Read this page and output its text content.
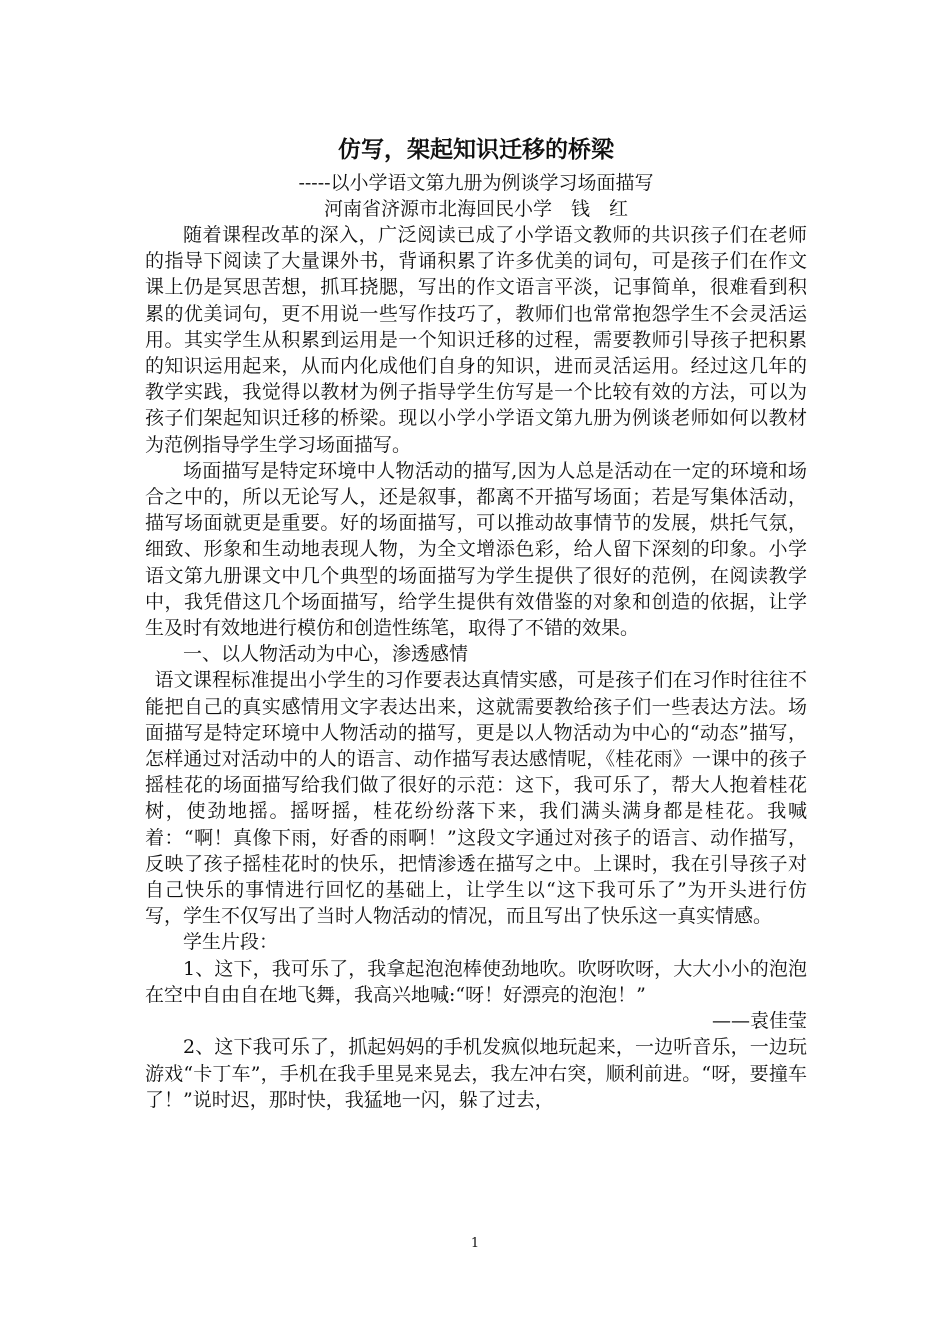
仿写，架起知识迁移的桥梁

-----以小学语文第九册为例谈学习场面描写

河南省济源市北海回民小学　钱　红

随着课程改革的深入，广泛阅读已成了小学语文教师的共识孩子们在老师的指导下阅读了大量课外书，背诵积累了许多优美的词句，可是孩子们在作文课上仍是冥思苦想，抓耳挠腮，写出的作文语言平淡，记事简单，很难看到积累的优美词句，更不用说一些写作技巧了，教师们也常常抱怨学生不会灵活运用。其实学生从积累到运用是一个知识迁移的过程，需要教师引导孩子把积累的知识运用起来，从而内化成他们自身的知识，进而灵活运用。经过这几年的教学实践，我觉得以教材为例子指导学生仿写是一个比较有效的方法，可以为孩子们架起知识迁移的桥梁。现以小学小学语文第九册为例谈老师如何以教材为范例指导学生学习场面描写。

场面描写是特定环境中人物活动的描写,因为人总是活动在一定的环境和场合之中的，所以无论写人，还是叙事，都离不开描写场面；若是写集体活动，描写场面就更是重要。好的场面描写，可以推动故事情节的发展，烘托气氛，细致、形象和生动地表现人物，为全文增添色彩，给人留下深刻的印象。小学语文第九册课文中几个典型的场面描写为学生提供了很好的范例，在阅读教学中，我凭借这几个场面描写，给学生提供有效借鉴的对象和创造的依据，让学生及时有效地进行模仿和创造性练笔，取得了不错的效果。

一、以人物活动为中心，渗透感情

语文课程标准提出小学生的习作要表达真情实感，可是孩子们在习作时往往不能把自己的真实感情用文字表达出来，这就需要教给孩子们一些表达方法。场面描写是特定环境中人物活动的描写，更是以人物活动为中心的“动态”描写，怎样通过对活动中的人的语言、动作描写表达感情呢，《桂花雨》一课中的孩子摇桂花的场面描写给我们做了很好的示范：这下，我可乐了，帮大人抱着桂花树，使劲地摇。摇呀摇，桂花纷纷落下来，我们满头满身都是桂花。我喊着：“啊！真像下雨，好香的雨啊！”这段文字通过对孩子的语言、动作描写，反映了孩子摇桂花时的快乐，把情渗透在描写之中。上课时，我在引导孩子对自己快乐的事情进行回忆的基础上，让学生以“这下我可乐了”为开头进行仿写，学生不仅写出了当时人物活动的情况，而且写出了快乐这一真实情感。

学生片段：

1、这下，我可乐了，我拿起泡泡棒使劲地吹。吹呀吹呀，大大小小的泡泡在空中自由自在地飞舞，我高兴地喊:“呀！好漂亮的泡泡！”

——袁佳莹

2、这下我可乐了，抓起妈妈的手机发疯似地玩起来，一边听音乐，一边玩游戏“卡丁车”，手机在我手里晃来晃去，我左冲右突，顺利前进。“呀，要撞车了！”说时迟，那时快，我猛地一闪，躲了过去，

1
